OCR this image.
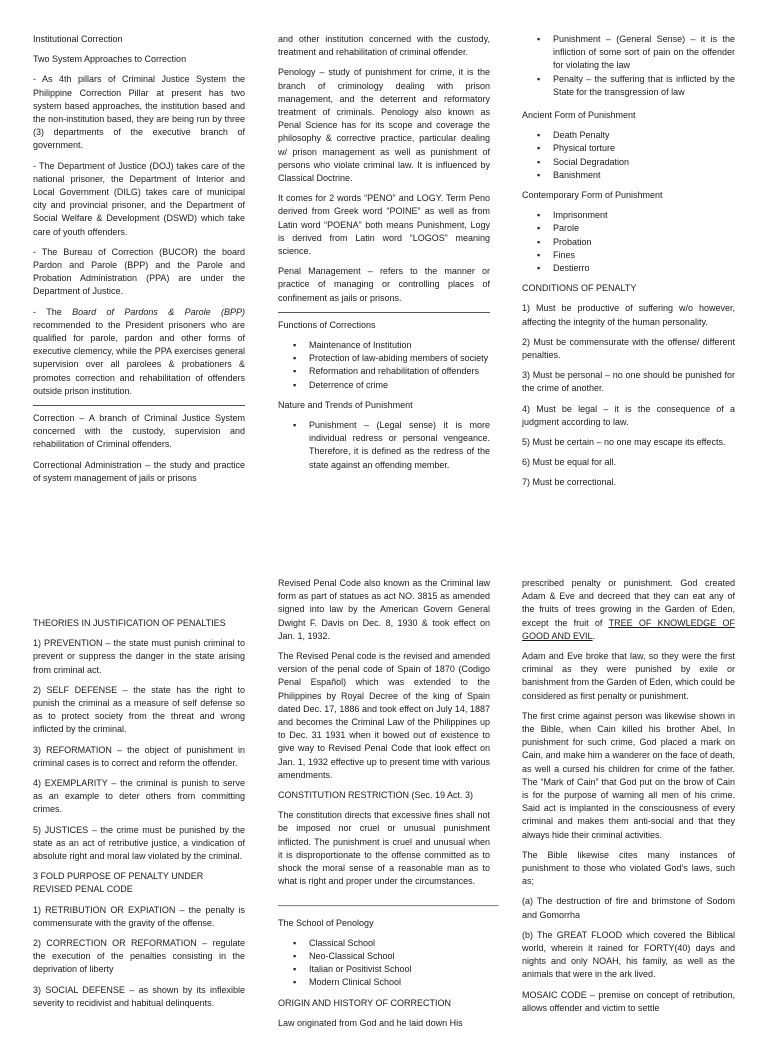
Institutional Correction

Two System Approaches to Correction

- As 4th pillars of Criminal Justice System the Philippine Correction Pillar at present has two system based approaches, the institution based and the non-institution based, they are being run by three (3) departments of the executive branch of government.

- The Department of Justice (DOJ) takes care of the national prisoner, the Department of Interior and Local Government (DILG) takes care of municipal city and provincial prisoner, and the Department of Social Welfare & Development (DSWD) which take care of youth offenders.

- The Bureau of Correction (BUCOR) the board Pardon and Parole (BPP) and the Parole and Probation Administration (PPA) are under the Department of Justice.

- The Board of Pardons & Parole (BPP) recommended to the President prisoners who are qualified for parole, pardon and other forms of executive clemency, while the PPA exercises general supervision over all parolees & probationers & promotes correction and rehabilitation of offenders outside prison institution.

Correction – A branch of Criminal Justice System concerned with the custody, supervision and rehabilitation of Criminal offenders.

Correctional Administration – the study and practice of system management of jails or prisons

and other institution concerned with the custody, treatment and rehabilitation of criminal offender.

Penology – study of punishment for crime, it is the branch of criminology dealing with prison management, and the deterrent and reformatory treatment of criminals. Penology also known as Penal Science has for its scope and coverage the philosophy & corrective practice, particular dealing w/ prison management as well as punishment of persons who violate criminal law. It is influenced by Classical Doctrine.

It comes for 2 words “PENO” and LOGY. Term Peno derived from Greek word “POINE” as well as from Latin word “POENA” both means Punishment, Logy is derived from Latin word “LOGOS” meaning science.

Penal Management – refers to the manner or practice of managing or controlling places of confinement as jails or prisons.

Functions of Corrections

▪ Maintenance of Institution
▪ Protection of law-abiding members of society
▪ Reformation and rehabilitation of offenders
▪ Deterrence of crime

Nature and Trends of Punishment

▪ Punishment – (Legal sense) it is more individual redress or personal vengeance. Therefore, it is defined as the redress of the state against an offending member.
▪ Punishment – (General Sense) – it is the infliction of some sort of pain on the offender for violating the law
▪ Penalty – the suffering that is inflicted by the State for the transgression of law

Ancient Form of Punishment

▪ Death Penalty
▪ Physical torture
▪ Social Degradation
▪ Banishment

Contemporary Form of Punishment

▪ Imprisonment
▪ Parole
▪ Probation
▪ Fines
▪ Destierro

CONDITIONS OF PENALTY

1) Must be productive of suffering w/o however, affecting the integrity of the human personality.

2) Must be commensurate with the offense/ different penalties.

3) Must be personal – no one should be punished for the crime of another.

4) Must be legal – it is the consequence of a judgment according to law.

5) Must be certain – no one may escape its effects.

6) Must be equal for all.

7) Must be correctional.

THEORIES IN JUSTIFICATION OF PENALTIES

1) PREVENTION – the state must punish criminal to prevent or suppress the danger in the state arising from criminal act.

2) SELF DEFENSE – the state has the right to punish the criminal as a measure of self defense so as to protect society from the threat and wrong inflicted by the criminal.

3) REFORMATION – the object of punishment in criminal cases is to correct and reform the offender.

4) EXEMPLARITY – the criminal is punish to serve as an example to deter others from committing crimes.

5) JUSTICES – the crime must be punished by the state as an act of retributive justice, a vindication of absolute right and moral law violated by the criminal.

3 FOLD PURPOSE OF PENALTY UNDER REVISED PENAL CODE

1) RETRIBUTION OR EXPIATION – the penalty is commensurate with the gravity of the offense.

2) CORRECTION OR REFORMATION – regulate the execution of the penalties consisting in the deprivation of liberty

3) SOCIAL DEFENSE – as shown by its inflexible severity to recidivist and habitual delinquents.

Revised Penal Code also known as the Criminal law form as part of statues as act NO. 3815 as amended signed into law by the American Govern General Dwight F. Davis on Dec. 8, 1930 & took effect on Jan. 1, 1932.

The Revised Penal code is the revised and amended version of the penal code of Spain of 1870 (Codigo Penal Español) which was extended to the Philippines by Royal Decree of the king of Spain dated Dec. 17, 1886 and took effect on July 14, 1887 and becomes the Criminal Law of the Philippines up to Dec. 31 1931 when it bowed out of existence to give way to Revised Penal Code that look effect on Jan. 1, 1932 effective up to present time with various amendments.

CONSTITUTION RESTRICTION (Sec. 19 Act. 3)

The constitution directs that excessive fines shall not be imposed nor cruel or unusual punishment inflicted. The punishment is cruel and unusual when it is disproportionate to the offense committed as to shock the moral sense of a reasonable man as to what is right and proper under the circumstances.

____________________________________________

The School of Penology

▪ Classical School
▪ Neo-Classical School
▪ Italian or Positivist School
▪ Modern Clinical School

ORIGIN AND HISTORY OF CORRECTION

Law originated from God and he laid down His

prescribed penalty or punishment. God created Adam & Eve and decreed that they can eat any of the fruits of trees growing in the Garden of Eden, except the fruit of TREE OF KNOWLEDGE OF GOOD AND EVIL.

Adam and Eve broke that law, so they were the first criminal as they were punished by exile or banishment from the Garden of Eden, which could be considered as first penalty or punishment.

The first crime against person was likewise shown in the Bible, when Cain killed his brother Abel, In punishment for such crime, God placed a mark on Cain, and make him a wanderer on the face of death, as well a cursed his children for crime of the father. The “Mark of Cain” that God put on the brow of Cain is for the purpose of warning all men of his crime. Said act is implanted in the consciousness of every criminal and makes them anti-social and that they always hide their criminal activities.

The Bible likewise cites many instances of punishment to those who violated God’s laws, such as;

(a) The destruction of fire and brimstone of Sodom and Gomorrha

(b) The GREAT FLOOD which covered the Biblical world, wherein it rained for FORTY(40) days and nights and only NOAH, his family, as well as the animals that were in the ark lived.

MOSAIC CODE – premise on concept of retribution, allows offender and victim to settle
